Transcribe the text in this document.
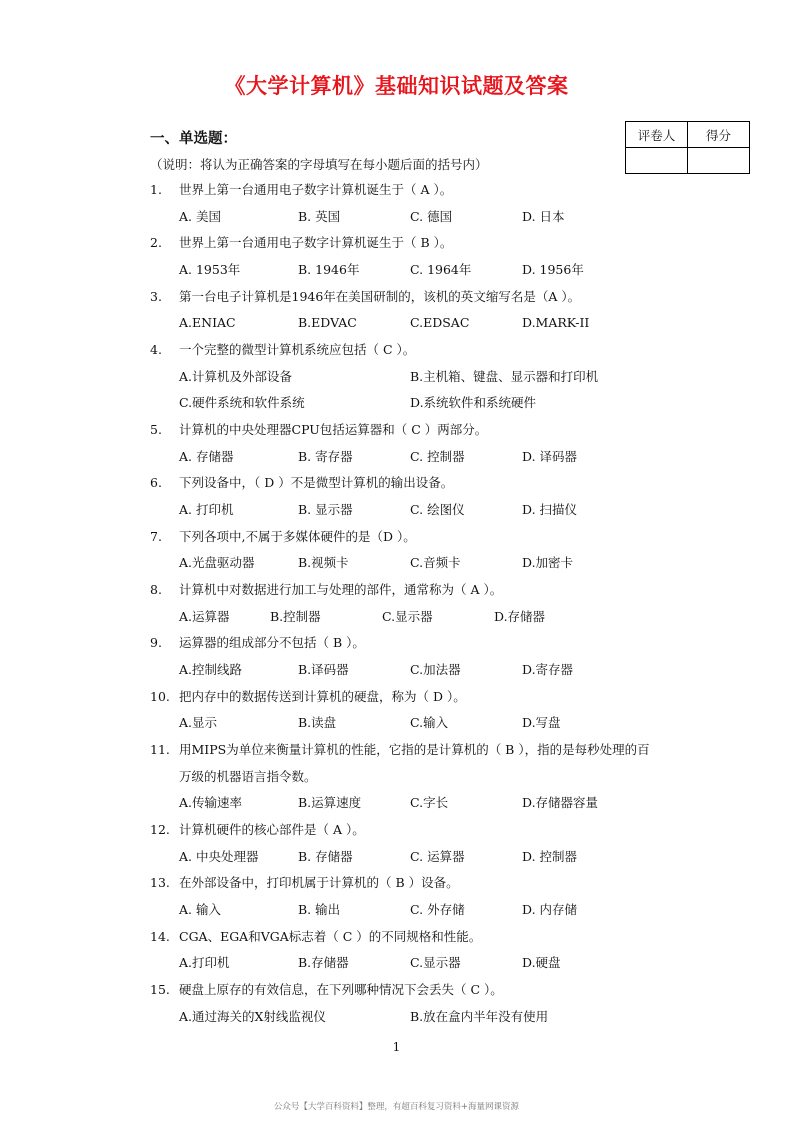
《大学计算机》基础知识试题及答案
一、单选题：
（说明：将认为正确答案的字母填写在每小题后面的括号内）
评卷人	得分

1. 世界上第一台通用电子数字计算机诞生于（ A ）。
A. 美国	B. 英国	C. 德国	D. 日本
2. 世界上第一台通用电子数字计算机诞生于（ B ）。
A. 1953年	B. 1946年	C. 1964年	D. 1956年
3. 第一台电子计算机是1946年在美国研制的，该机的英文缩写名是（A ）。
A.ENIAC	B.EDVAC	C.EDSAC	D.MARK-II
4. 一个完整的微型计算机系统应包括（ C ）。
A.计算机及外部设备	B.主机箱、键盘、显示器和打印机
C.硬件系统和软件系统	D.系统软件和系统硬件
5. 计算机的中央处理器CPU包括运算器和（ C ）两部分。
A. 存储器	B. 寄存器	C. 控制器	D. 译码器
6. 下列设备中，（ D ）不是微型计算机的输出设备。
A. 打印机	B. 显示器	C. 绘图仪	D. 扫描仪
7. 下列各项中,不属于多媒体硬件的是（D ）。
A.光盘驱动器	B.视频卡	C.音频卡	D.加密卡
8. 计算机中对数据进行加工与处理的部件，通常称为（ A ）。
A.运算器	B.控制器	C.显示器	D.存储器
9. 运算器的组成部分不包括（ B ）。
A.控制线路	B.译码器	C.加法器	D.寄存器
10. 把内存中的数据传送到计算机的硬盘，称为（ D ）。
A.显示	B.读盘	C.输入	D.写盘
11. 用MIPS为单位来衡量计算机的性能，它指的是计算机的（ B ），指的是每秒处理的百
万级的机器语言指令数。
A.传输速率	B.运算速度	C.字长	D.存储器容量
12. 计算机硬件的核心部件是（ A ）。
A. 中央处理器	B. 存储器	C. 运算器	D. 控制器
13. 在外部设备中，打印机属于计算机的（ B ）设备。
A. 输入	B. 输出	C. 外存储	D. 内存储
14. CGA、EGA和VGA标志着（ C ）的不同规格和性能。
A.打印机	B.存储器	C.显示器	D.硬盘
15. 硬盘上原存的有效信息，在下列哪种情况下会丢失（ C ）。
A.通过海关的X射线监视仪	B.放在盒内半年没有使用
1
公众号【大学百科资料】整理，有超百科复习资料+海量网课资源
